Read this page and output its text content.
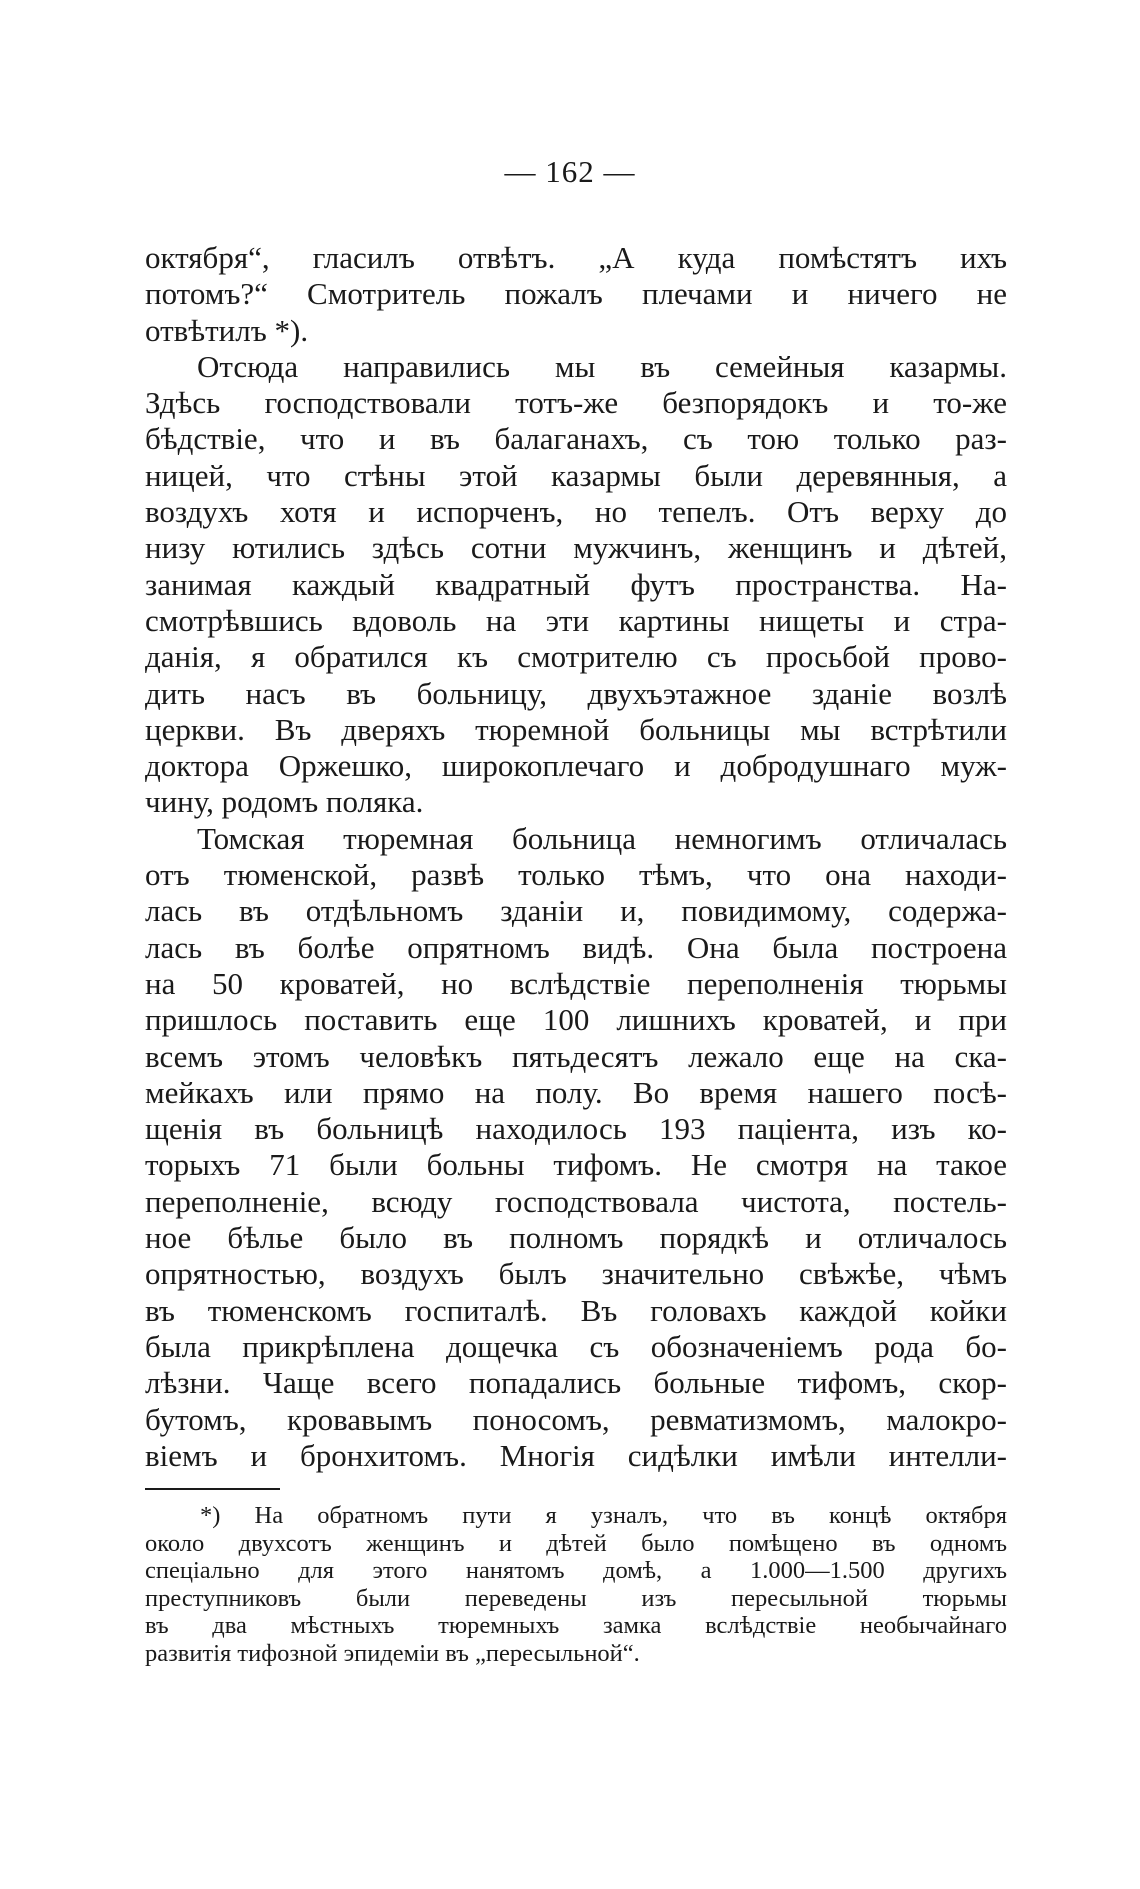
— 162 —
октября“, гласилъ отвѣтъ. „А куда помѣстятъ ихъ
потомъ?“ Смотритель пожалъ плечами и ничего не
отвѣтилъ *).
Отсюда направились мы въ семейныя казармы.
Здѣсь господствовали тотъ-же безпорядокъ и то-же
бѣдствіе, что и въ балаганахъ, съ тою только раз-
ницей, что стѣны этой казармы были деревянныя, а
воздухъ хотя и испорченъ, но тепелъ. Отъ верху до
низу ютились здѣсь сотни мужчинъ, женщинъ и дѣтей,
занимая каждый квадратный футъ пространства. На-
смотрѣвшись вдоволь на эти картины нищеты и стра-
данія, я обратился къ смотрителю съ просьбой прово-
дить насъ въ больницу, двухъэтажное зданіе возлѣ
церкви. Въ дверяхъ тюремной больницы мы встрѣтили
доктора Оржешко, широкоплечаго и добродушнаго муж-
чину, родомъ поляка.
Томская тюремная больница немногимъ отличалась
отъ тюменской, развѣ только тѣмъ, что она находи-
лась въ отдѣльномъ зданіи и, повидимому, содержа-
лась въ болѣе опрятномъ видѣ. Она была построена
на 50 кроватей, но вслѣдствіе переполненія тюрьмы
пришлось поставить еще 100 лишнихъ кроватей, и при
всемъ этомъ человѣкъ пятьдесятъ лежало еще на ска-
мейкахъ или прямо на полу. Во время нашего посѣ-
щенія въ больницѣ находилось 193 паціента, изъ ко-
торыхъ 71 были больны тифомъ. Не смотря на такое
переполненіе, всюду господствовала чистота, постель-
ное бѣлье было въ полномъ порядкѣ и отличалось
опрятностью, воздухъ былъ значительно свѣжѣе, чѣмъ
въ тюменскомъ госпиталѣ. Въ головахъ каждой койки
была прикрѣплена дощечка съ обозначеніемъ рода бо-
лѣзни. Чаще всего попадались больные тифомъ, скор-
бутомъ, кровавымъ поносомъ, ревматизмомъ, малокро-
віемъ и бронхитомъ. Многія сидѣлки имѣли интелли-
*) На обратномъ пути я узналъ, что въ концѣ октября
около двухсотъ женщинъ и дѣтей было помѣщено въ одномъ
спеціально для этого нанятомъ домѣ, а 1.000—1.500 другихъ
преступниковъ были переведены изъ пересыльной тюрьмы
въ два мѣстныхъ тюремныхъ замка вслѣдствіе необычайнаго
развитія тифозной эпидеміи въ „пересыльной“.
